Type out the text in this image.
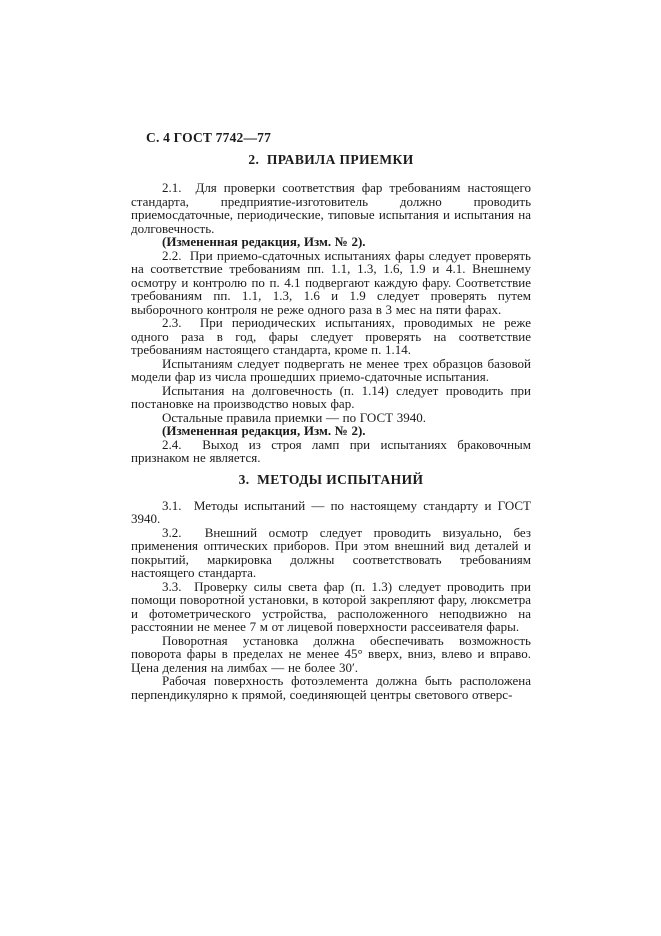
С. 4 ГОСТ 7742—77
2.  ПРАВИЛА ПРИЕМКИ

2.1.  Для проверки соответствия фар требованиям настоящего стандарта, предприятие-изготовитель должно проводить приемосдаточные, периодические, типовые испытания и испытания на долговечность.

(Измененная редакция, Изм. № 2).

2.2.  При приемо-сдаточных испытаниях фары следует проверять на соответствие требованиям пп. 1.1, 1.3, 1.6, 1.9 и 4.1. Внешнему осмотру и контролю по п. 4.1 подвергают каждую фару. Соответствие требованиям пп. 1.1, 1.3, 1.6 и 1.9 следует проверять путем выборочного контроля не реже одного раза в 3 мес на пяти фарах.

2.3.  При периодических испытаниях, проводимых не реже одного раза в год, фары следует проверять на соответствие требованиям настоящего стандарта, кроме п. 1.14.

Испытаниям следует подвергать не менее трех образцов базовой модели фар из числа прошедших приемо-сдаточные испытания.

Испытания на долговечность (п. 1.14) следует проводить при постановке на производство новых фар.

Остальные правила приемки — по ГОСТ 3940.

(Измененная редакция, Изм. № 2).

2.4.  Выход из строя ламп при испытаниях браковочным признаком не является.

3.  МЕТОДЫ ИСПЫТАНИЙ

3.1.  Методы испытаний — по настоящему стандарту и ГОСТ 3940.

3.2.  Внешний осмотр следует проводить визуально, без применения оптических приборов. При этом внешний вид деталей и покрытий, маркировка должны соответствовать требованиям настоящего стандарта.

3.3.  Проверку силы света фар (п. 1.3) следует проводить при помощи поворотной установки, в которой закрепляют фару, люксметра и фотометрического устройства, расположенного неподвижно на расстоянии не менее 7 м от лицевой поверхности рассеивателя фары.

Поворотная установка должна обеспечивать возможность поворота фары в пределах не менее 45° вверх, вниз, влево и вправо. Цена деления на лимбах — не более 30′.

Рабочая поверхность фотоэлемента должна быть расположена перпендикулярно к прямой, соединяющей центры светового отверс-
